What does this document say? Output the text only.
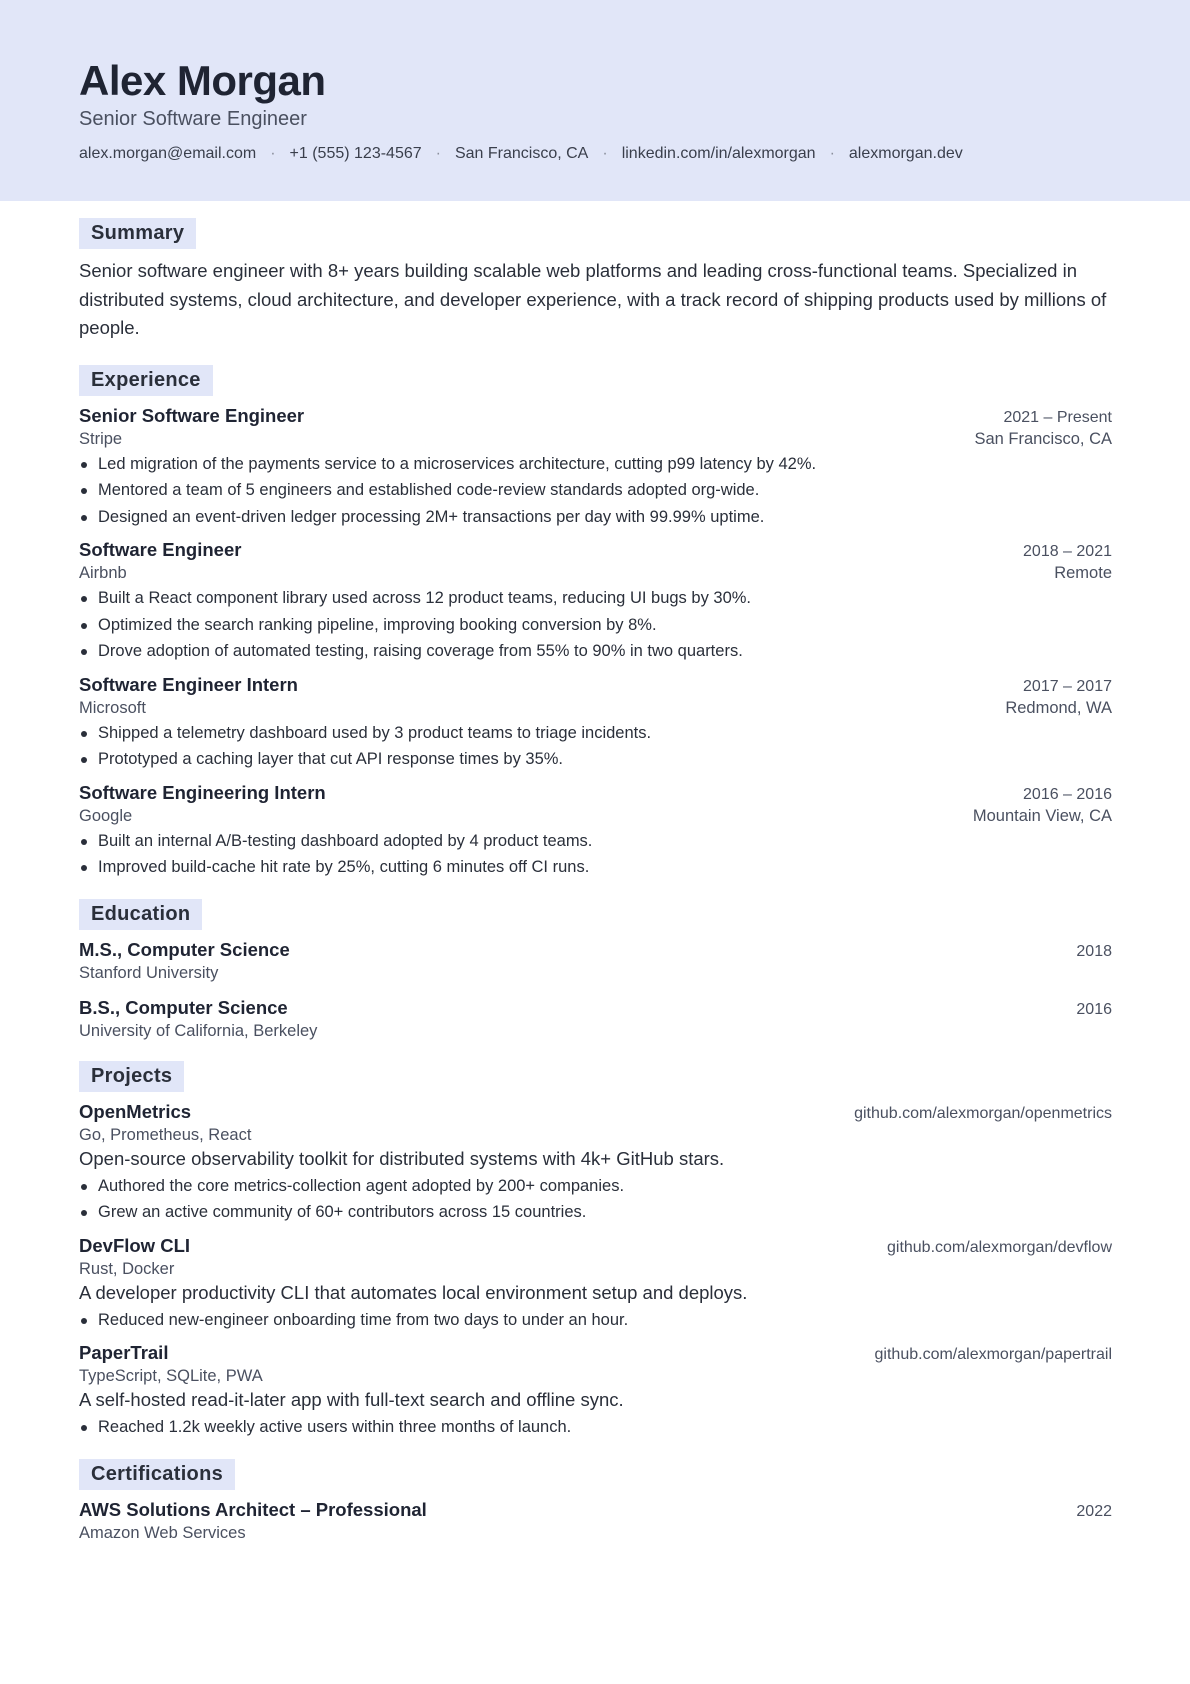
Alex Morgan
Senior Software Engineer
alex.morgan@email.com · +1 (555) 123-4567 · San Francisco, CA · linkedin.com/in/alexmorgan · alexmorgan.dev
Summary

Senior software engineer with 8+ years building scalable web platforms and leading cross-functional teams. Specialized in distributed systems, cloud architecture, and developer experience, with a track record of shipping products used by millions of people.

Experience
Senior Software Engineer	2021 – Present
Stripe	San Francisco, CA
Led migration of the payments service to a microservices architecture, cutting p99 latency by 42%.
Mentored a team of 5 engineers and established code-review standards adopted org-wide.
Designed an event-driven ledger processing 2M+ transactions per day with 99.99% uptime.
Software Engineer	2018 – 2021
Airbnb	Remote
Built a React component library used across 12 product teams, reducing UI bugs by 30%.
Optimized the search ranking pipeline, improving booking conversion by 8%.
Drove adoption of automated testing, raising coverage from 55% to 90% in two quarters.
Software Engineer Intern	2017 – 2017
Microsoft	Redmond, WA
Shipped a telemetry dashboard used by 3 product teams to triage incidents.
Prototyped a caching layer that cut API response times by 35%.
Software Engineering Intern	2016 – 2016
Google	Mountain View, CA
Built an internal A/B-testing dashboard adopted by 4 product teams.
Improved build-cache hit rate by 25%, cutting 6 minutes off CI runs.
Education
M.S., Computer Science	2018
Stanford University
B.S., Computer Science	2016
University of California, Berkeley
Projects
OpenMetrics	github.com/alexmorgan/openmetrics
Go, Prometheus, React

Open-source observability toolkit for distributed systems with 4k+ GitHub stars.

Authored the core metrics-collection agent adopted by 200+ companies.
Grew an active community of 60+ contributors across 15 countries.
DevFlow CLI	github.com/alexmorgan/devflow
Rust, Docker

A developer productivity CLI that automates local environment setup and deploys.

Reduced new-engineer onboarding time from two days to under an hour.
PaperTrail	github.com/alexmorgan/papertrail
TypeScript, SQLite, PWA

A self-hosted read-it-later app with full-text search and offline sync.

Reached 1.2k weekly active users within three months of launch.
Certifications
AWS Solutions Architect – Professional	2022
Amazon Web Services
